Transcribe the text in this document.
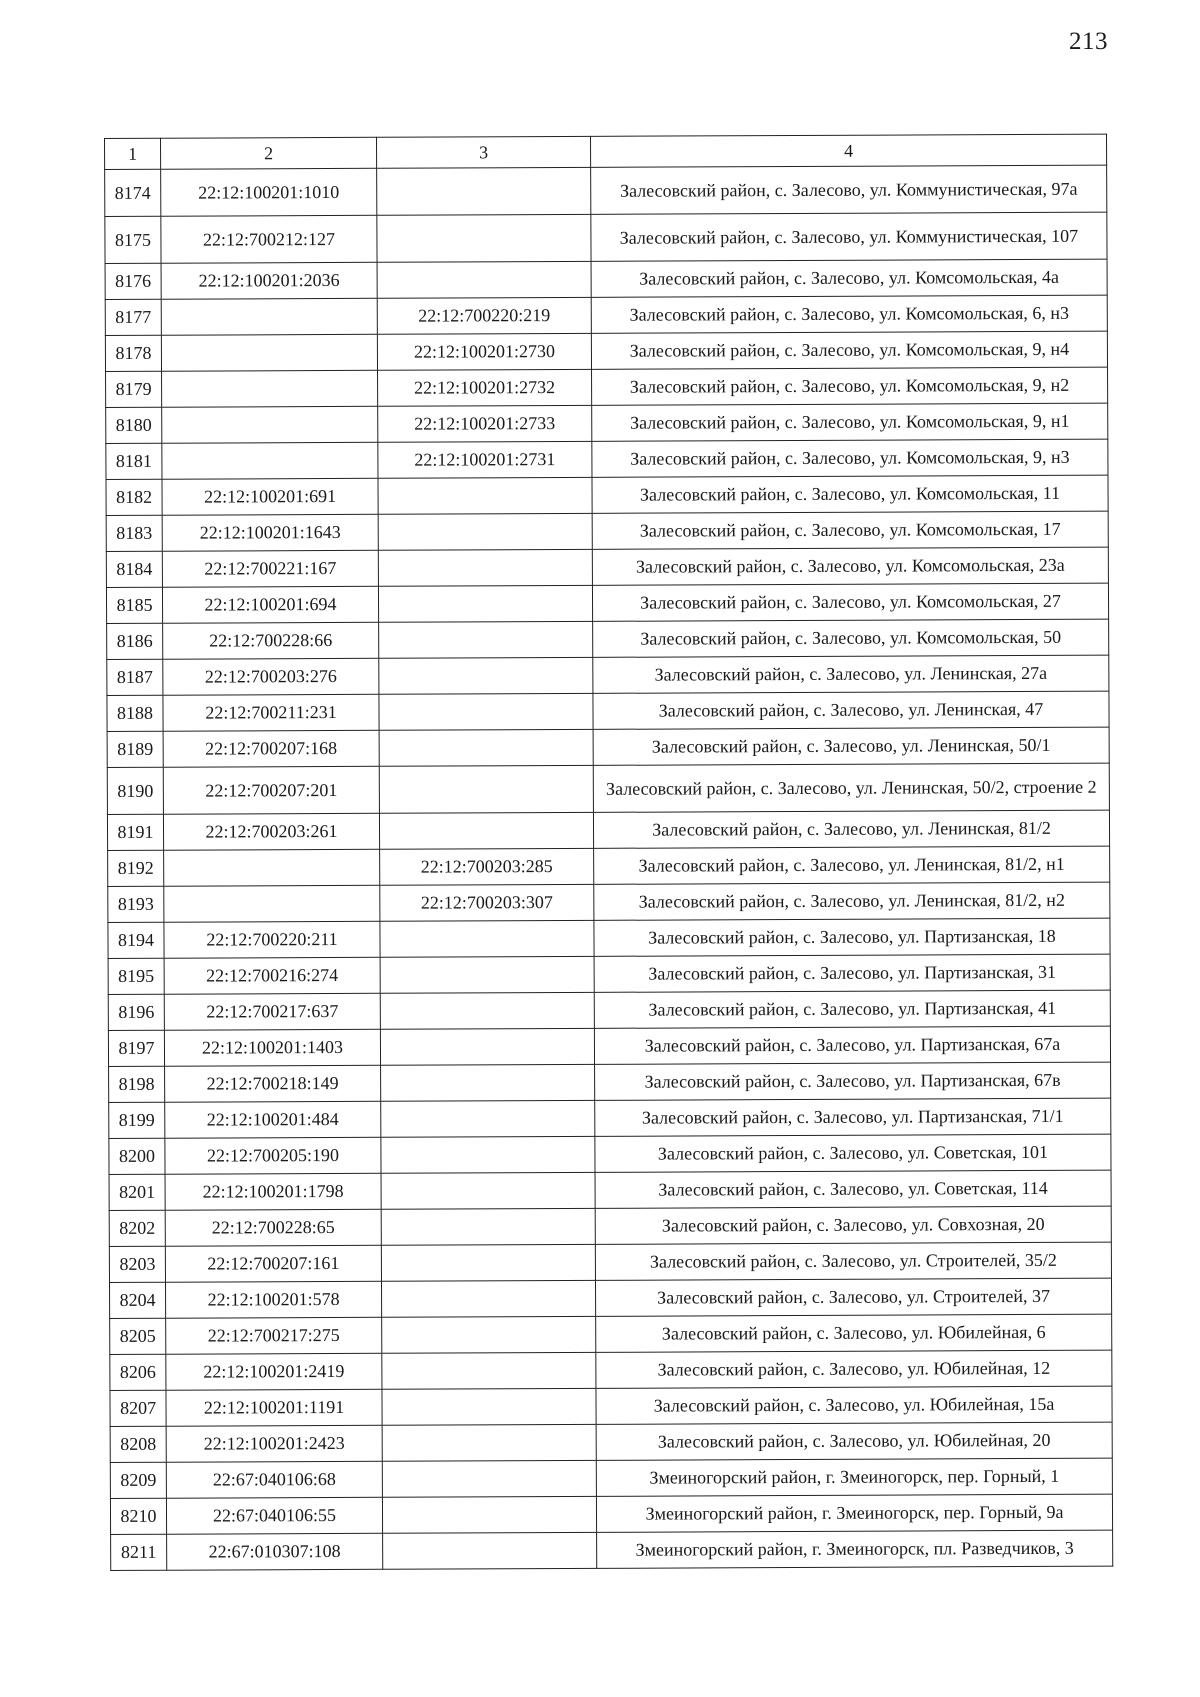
213
1	2	3	4
8174	22:12:100201:1010		Залесовский район, с. Залесово, ул. Коммунистическая, 97а
8175	22:12:700212:127		Залесовский район, с. Залесово, ул. Коммунистическая, 107
8176	22:12:100201:2036		Залесовский район, с. Залесово, ул. Комсомольская, 4а
8177		22:12:700220:219	Залесовский район, с. Залесово, ул. Комсомольская, 6, н3
8178		22:12:100201:2730	Залесовский район, с. Залесово, ул. Комсомольская, 9, н4
8179		22:12:100201:2732	Залесовский район, с. Залесово, ул. Комсомольская, 9, н2
8180		22:12:100201:2733	Залесовский район, с. Залесово, ул. Комсомольская, 9, н1
8181		22:12:100201:2731	Залесовский район, с. Залесово, ул. Комсомольская, 9, н3
8182	22:12:100201:691		Залесовский район, с. Залесово, ул. Комсомольская, 11
8183	22:12:100201:1643		Залесовский район, с. Залесово, ул. Комсомольская, 17
8184	22:12:700221:167		Залесовский район, с. Залесово, ул. Комсомольская, 23а
8185	22:12:100201:694		Залесовский район, с. Залесово, ул. Комсомольская, 27
8186	22:12:700228:66		Залесовский район, с. Залесово, ул. Комсомольская, 50
8187	22:12:700203:276		Залесовский район, с. Залесово, ул. Ленинская, 27а
8188	22:12:700211:231		Залесовский район, с. Залесово, ул. Ленинская, 47
8189	22:12:700207:168		Залесовский район, с. Залесово, ул. Ленинская, 50/1
8190	22:12:700207:201		Залесовский район, с. Залесово, ул. Ленинская, 50/2, строение 2
8191	22:12:700203:261		Залесовский район, с. Залесово, ул. Ленинская, 81/2
8192		22:12:700203:285	Залесовский район, с. Залесово, ул. Ленинская, 81/2, н1
8193		22:12:700203:307	Залесовский район, с. Залесово, ул. Ленинская, 81/2, н2
8194	22:12:700220:211		Залесовский район, с. Залесово, ул. Партизанская, 18
8195	22:12:700216:274		Залесовский район, с. Залесово, ул. Партизанская, 31
8196	22:12:700217:637		Залесовский район, с. Залесово, ул. Партизанская, 41
8197	22:12:100201:1403		Залесовский район, с. Залесово, ул. Партизанская, 67а
8198	22:12:700218:149		Залесовский район, с. Залесово, ул. Партизанская, 67в
8199	22:12:100201:484		Залесовский район, с. Залесово, ул. Партизанская, 71/1
8200	22:12:700205:190		Залесовский район, с. Залесово, ул. Советская, 101
8201	22:12:100201:1798		Залесовский район, с. Залесово, ул. Советская, 114
8202	22:12:700228:65		Залесовский район, с. Залесово, ул. Совхозная, 20
8203	22:12:700207:161		Залесовский район, с. Залесово, ул. Строителей, 35/2
8204	22:12:100201:578		Залесовский район, с. Залесово, ул. Строителей, 37
8205	22:12:700217:275		Залесовский район, с. Залесово, ул. Юбилейная, 6
8206	22:12:100201:2419		Залесовский район, с. Залесово, ул. Юбилейная, 12
8207	22:12:100201:1191		Залесовский район, с. Залесово, ул. Юбилейная, 15а
8208	22:12:100201:2423		Залесовский район, с. Залесово, ул. Юбилейная, 20
8209	22:67:040106:68		Змеиногорский район, г. Змеиногорск, пер. Горный, 1
8210	22:67:040106:55		Змеиногорский район, г. Змеиногорск, пер. Горный, 9а
8211	22:67:010307:108		Змеиногорский район, г. Змеиногорск, пл. Разведчиков, 3
